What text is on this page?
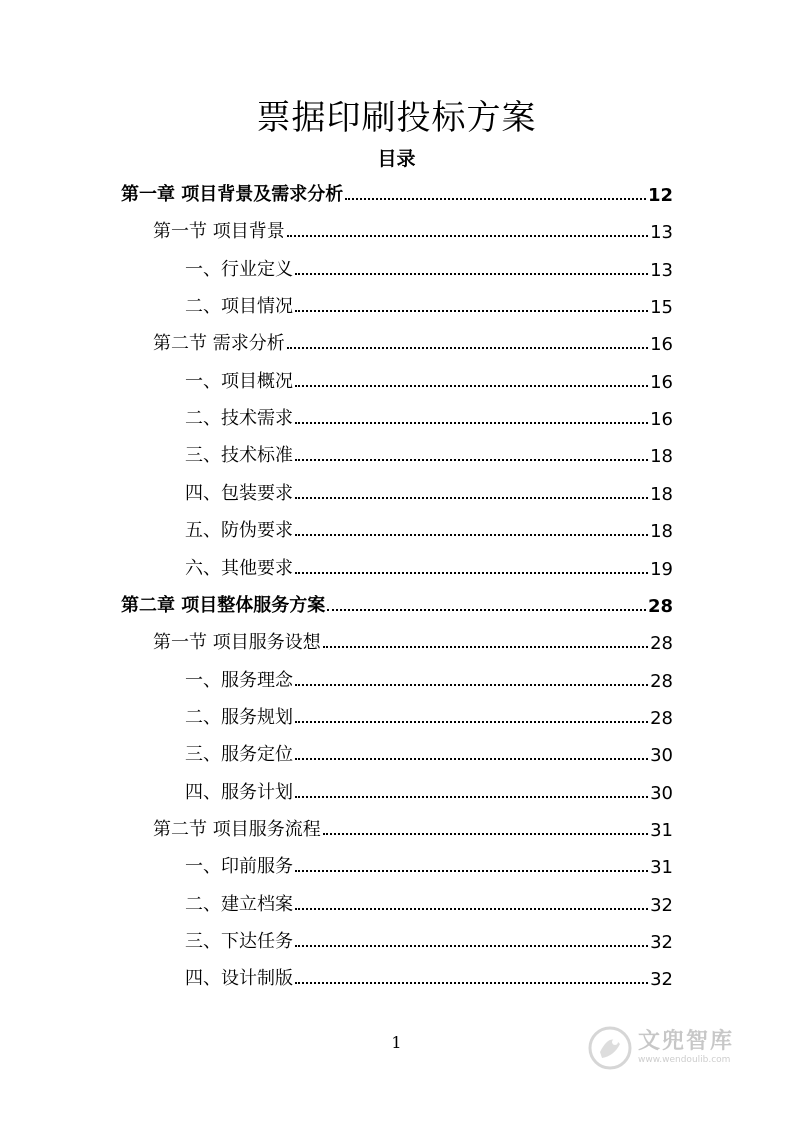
票据印刷投标方案
目录
第一章 项目背景及需求分析	12
第一节 项目背景	13
一、行业定义	13
二、项目情况	15
第二节 需求分析	16
一、项目概况	16
二、技术需求	16
三、技术标准	18
四、包装要求	18
五、防伪要求	18
六、其他要求	19
第二章 项目整体服务方案	28
第一节 项目服务设想	28
一、服务理念	28
二、服务规划	28
三、服务定位	30
四、服务计划	30
第二节 项目服务流程	31
一、印前服务	31
二、建立档案	32
三、下达任务	32
四、设计制版	32
1	文兜智库
www.wendoulib.com
